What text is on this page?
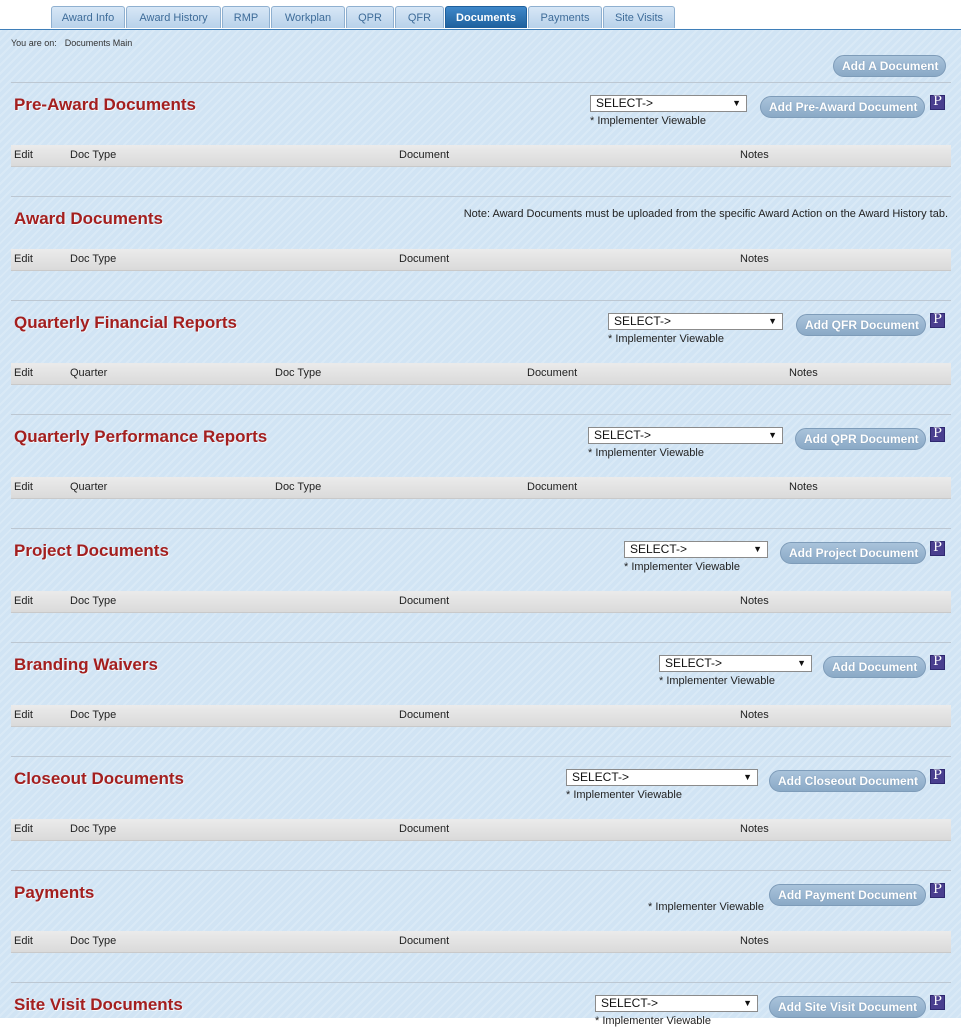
Award Info	Award History	RMP	Workplan	QPR	QFR	Documents	Payments	Site Visits
You are on: Documents Main
Add A Document
Pre-Award Documents	SELECT->	▼
* Implementer Viewable
Add Pre-Award Document	P
Edit	Doc Type	Document	Notes
Award Documents	Note: Award Documents must be uploaded from the specific Award Action on the Award History tab.
Edit	Doc Type	Document	Notes
Quarterly Financial Reports	SELECT->	▼
* Implementer Viewable
Add QFR Document	P
Edit	Quarter	Doc Type	Document	Notes
Quarterly Performance Reports	SELECT->	▼
* Implementer Viewable
Add QPR Document	P
Edit	Quarter	Doc Type	Document	Notes
Project Documents	SELECT->	▼
* Implementer Viewable
Add Project Document	P
Edit	Doc Type	Document	Notes
Branding Waivers	SELECT->	▼
* Implementer Viewable
Add Document	P
Edit	Doc Type	Document	Notes
Closeout Documents	SELECT->	▼
* Implementer Viewable
Add Closeout Document	P
Edit	Doc Type	Document	Notes
Payments
* Implementer Viewable
Add Payment Document	P
Edit	Doc Type	Document	Notes
Site Visit Documents	SELECT->	▼
* Implementer Viewable
Add Site Visit Document	P
